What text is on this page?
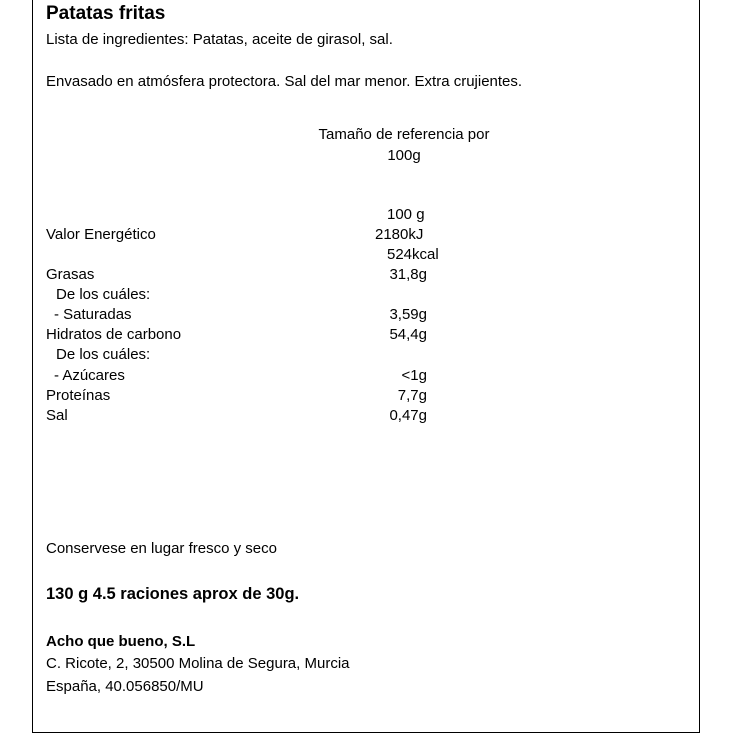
Patatas fritas
Lista de ingredientes: Patatas, aceite de girasol, sal.
Envasado en atmósfera protectora. Sal del mar menor. Extra crujientes.
Tamaño de referencia por
100g
100 g
Valor Energético	2180kJ
524kcal
Grasas	31,8g
De los cuáles:
- Saturadas	3,59g
Hidratos de carbono	54,4g
De los cuáles:
- Azúcares	<1g
Proteínas	7,7g
Sal	0,47g
Conservese en lugar fresco y seco
130 g 4.5 raciones aprox de 30g.
Acho que bueno, S.L
C. Ricote, 2, 30500 Molina de Segura, Murcia
España, 40.056850/MU
